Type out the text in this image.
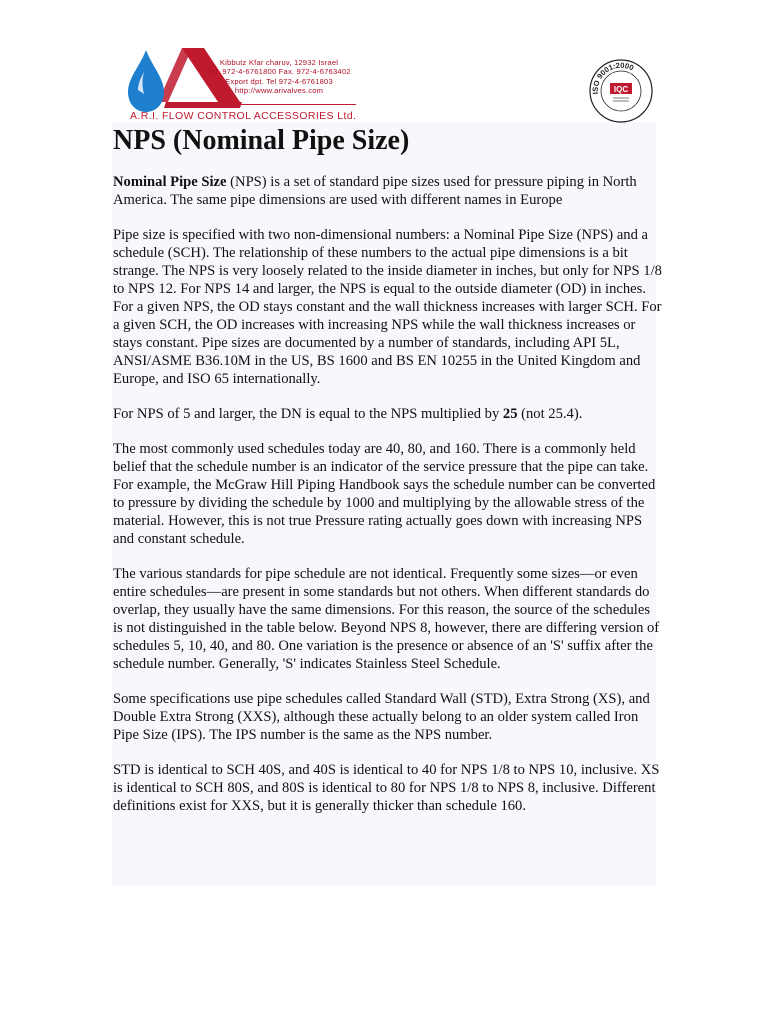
Kibbutz Kfar charuv, 12932 Israel
Tel. 972-4-6761800 Fax. 972-4-6763402
Export dpt. Tel 972-4-6761803
http://www.arivalves.com
A.R.I. FLOW CONTROL ACCESSORIES Ltd.
ISO 9001:2000
IQC
NPS (Nominal Pipe Size)

Nominal Pipe Size (NPS) is a set of standard pipe sizes used for pressure piping in North America. The same pipe dimensions are used with different names in Europe

Pipe size is specified with two non-dimensional numbers: a Nominal Pipe Size (NPS) and a schedule (SCH). The relationship of these numbers to the actual pipe dimensions is a bit strange. The NPS is very loosely related to the inside diameter in inches, but only for NPS 1/8 to NPS 12. For NPS 14 and larger, the NPS is equal to the outside diameter (OD) in inches. For a given NPS, the OD stays constant and the wall thickness increases with larger SCH. For a given SCH, the OD increases with increasing NPS while the wall thickness increases or stays constant. Pipe sizes are documented by a number of standards, including API 5L, ANSI/ASME B36.10M in the US, BS 1600 and BS EN 10255 in the United Kingdom and Europe, and ISO 65 internationally.

For NPS of 5 and larger, the DN is equal to the NPS multiplied by 25 (not 25.4).

The most commonly used schedules today are 40, 80, and 160. There is a commonly held belief that the schedule number is an indicator of the service pressure that the pipe can take. For example, the McGraw Hill Piping Handbook says the schedule number can be converted to pressure by dividing the schedule by 1000 and multiplying by the allowable stress of the material. However, this is not true Pressure rating actually goes down with increasing NPS and constant schedule.

The various standards for pipe schedule are not identical. Frequently some sizes—or even entire schedules—are present in some standards but not others. When different standards do overlap, they usually have the same dimensions. For this reason, the source of the schedules is not distinguished in the table below. Beyond NPS 8, however, there are differing version of schedules 5, 10, 40, and 80. One variation is the presence or absence of an 'S' suffix after the schedule number. Generally, 'S' indicates Stainless Steel Schedule.

Some specifications use pipe schedules called Standard Wall (STD), Extra Strong (XS), and Double Extra Strong (XXS), although these actually belong to an older system called Iron Pipe Size (IPS). The IPS number is the same as the NPS number.

STD is identical to SCH 40S, and 40S is identical to 40 for NPS 1/8 to NPS 10, inclusive. XS is identical to SCH 80S, and 80S is identical to 80 for NPS 1/8 to NPS 8, inclusive. Different definitions exist for XXS, but it is generally thicker than schedule 160.
